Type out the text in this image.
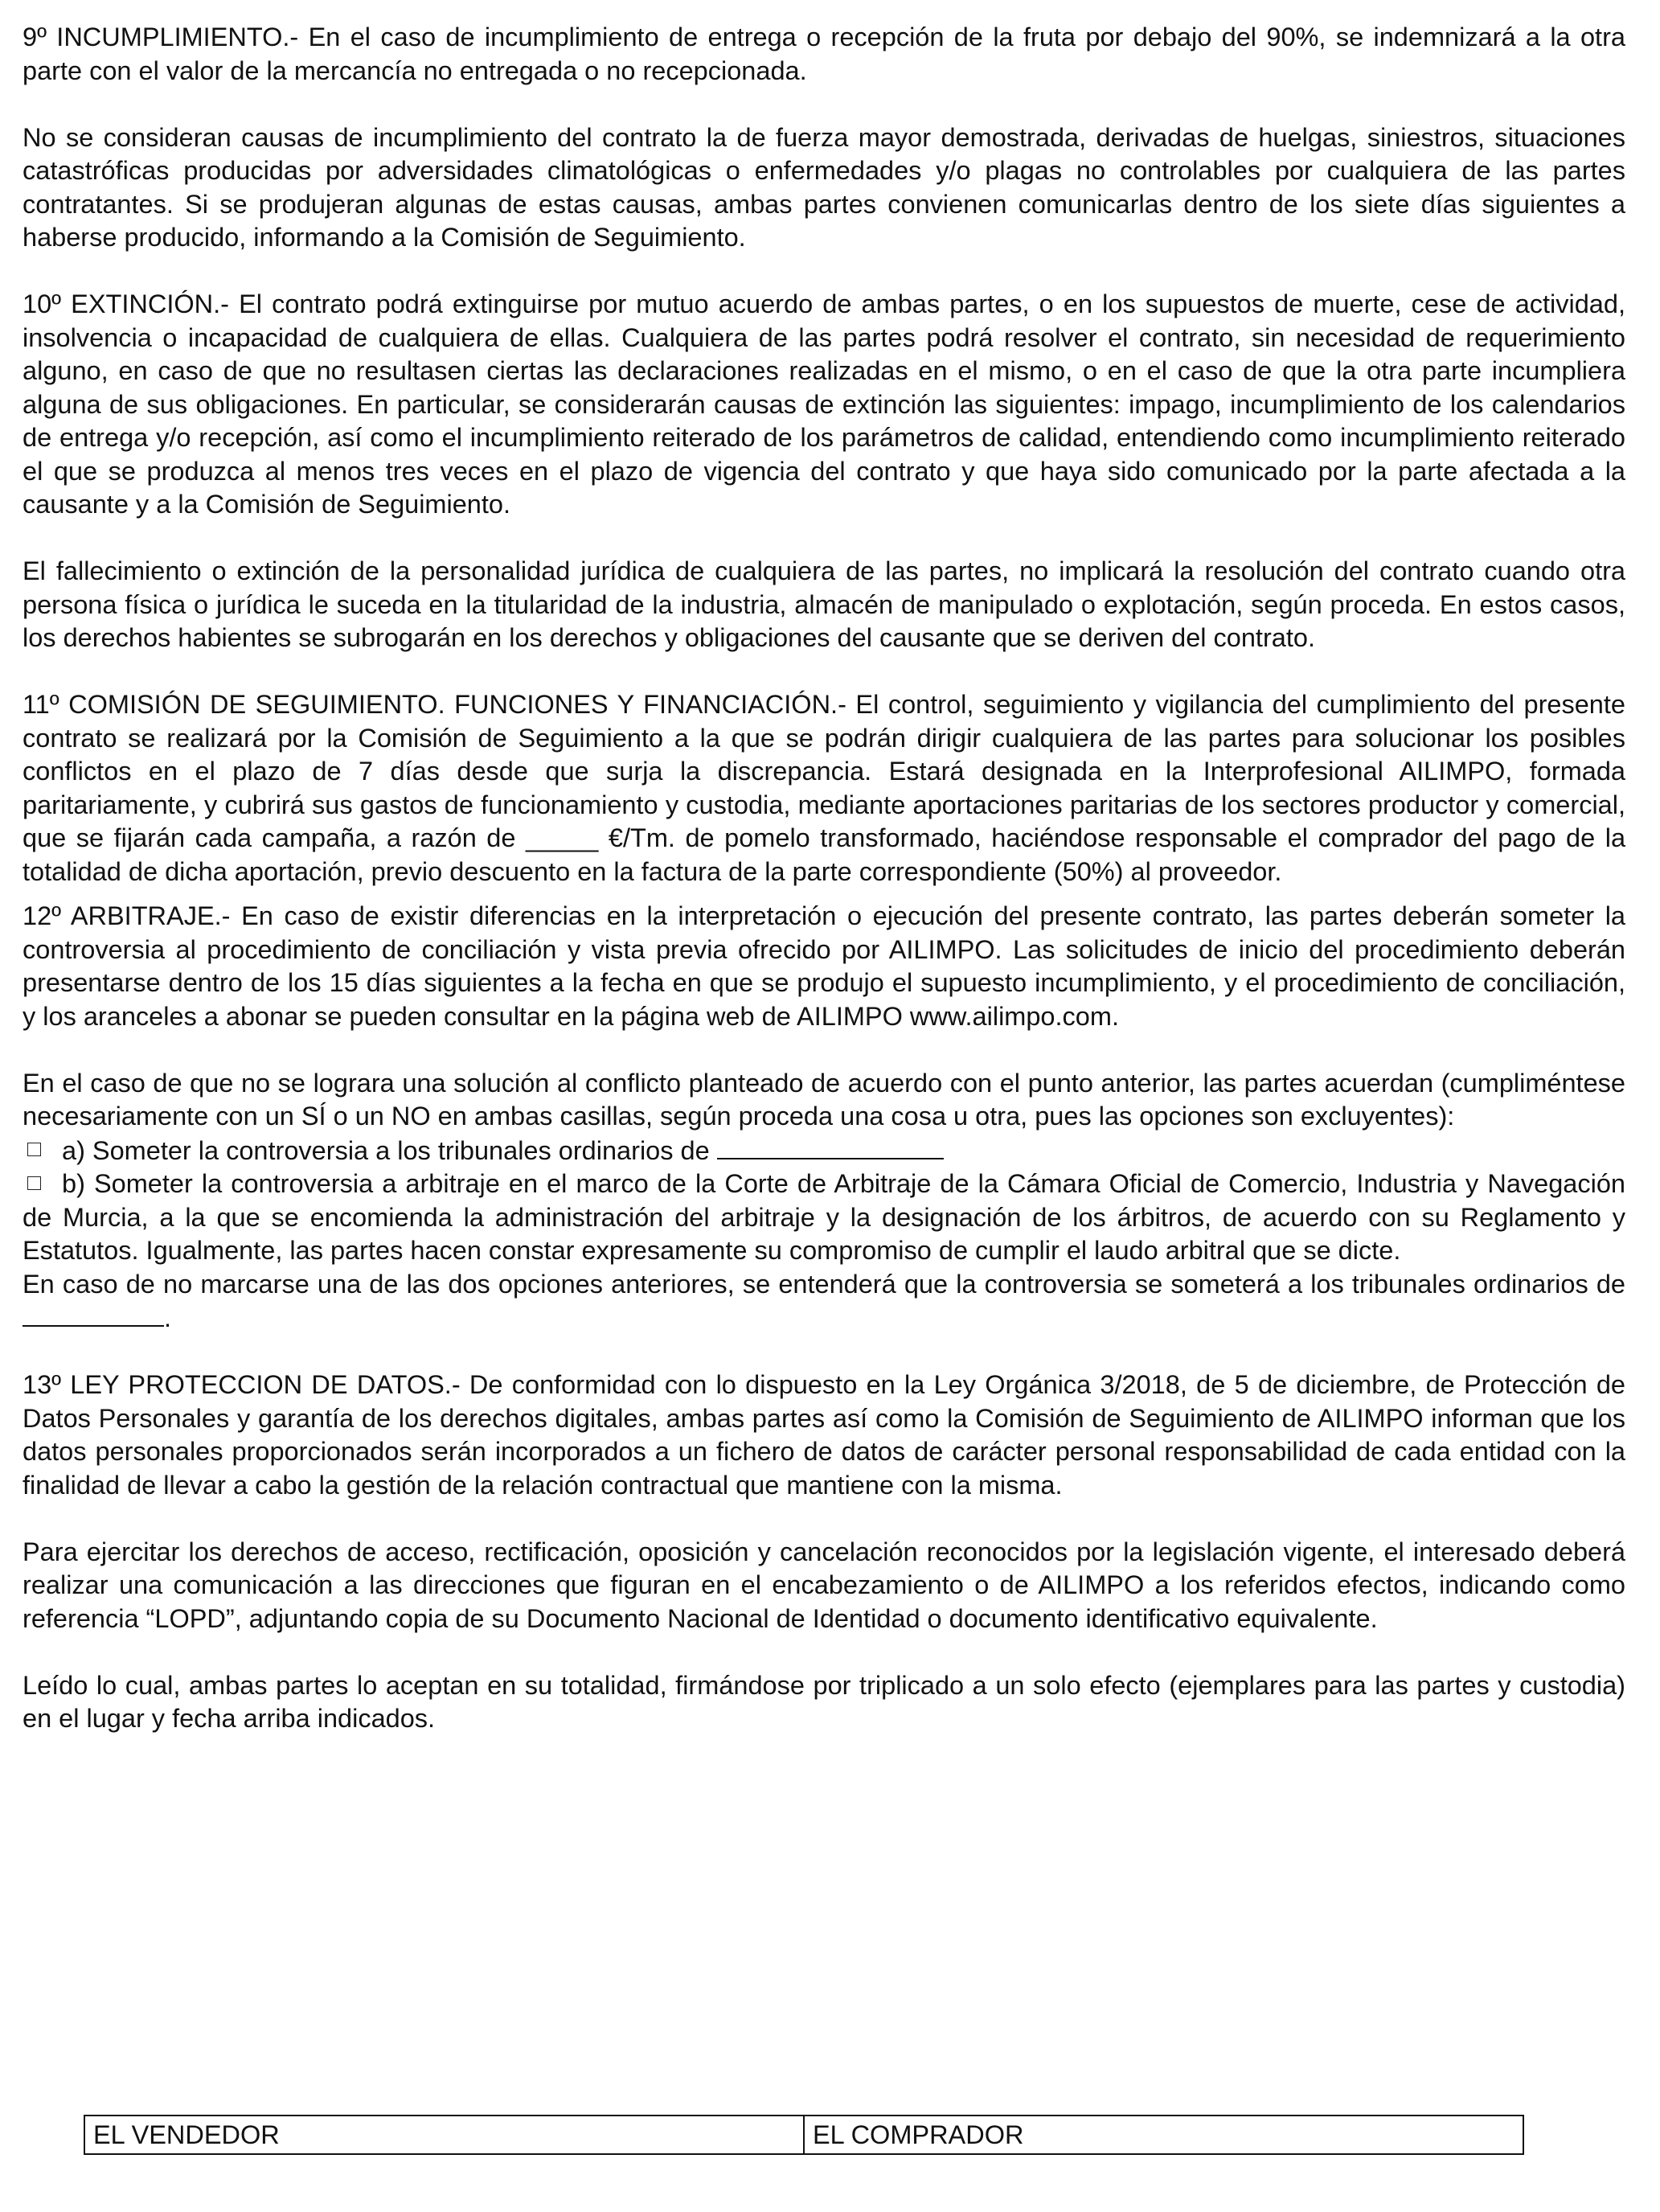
9º INCUMPLIMIENTO.- En el caso de incumplimiento de entrega o recepción de la fruta por debajo del 90%, se indemnizará a la otra parte con el valor de la mercancía no entregada o no recepcionada.

No se consideran causas de incumplimiento del contrato la de fuerza mayor demostrada, derivadas de huelgas, siniestros, situaciones catastróficas producidas por adversidades climatológicas o enfermedades y/o plagas no controlables por cualquiera de las partes contratantes. Si se produjeran algunas de estas causas, ambas partes convienen comunicarlas dentro de los siete días siguientes a haberse producido, informando a la Comisión de Seguimiento.

10º EXTINCIÓN.- El contrato podrá extinguirse por mutuo acuerdo de ambas partes, o en los supuestos de muerte, cese de actividad, insolvencia o incapacidad de cualquiera de ellas. Cualquiera de las partes podrá resolver el contrato, sin necesidad de requerimiento alguno, en caso de que no resultasen ciertas las declaraciones realizadas en el mismo, o en el caso de que la otra parte incumpliera alguna de sus obligaciones. En particular, se considerarán causas de extinción las siguientes: impago, incumplimiento de los calendarios de entrega y/o recepción, así como el incumplimiento reiterado de los parámetros de calidad, entendiendo como incumplimiento reiterado el que se produzca al menos tres veces en el plazo de vigencia del contrato y que haya sido comunicado por la parte afectada a la causante y a la Comisión de Seguimiento.

El fallecimiento o extinción de la personalidad jurídica de cualquiera de las partes, no implicará la resolución del contrato cuando otra persona física o jurídica le suceda en la titularidad de la industria, almacén de manipulado o explotación, según proceda. En estos casos, los derechos habientes se subrogarán en los derechos y obligaciones del causante que se deriven del contrato.

11º COMISIÓN DE SEGUIMIENTO. FUNCIONES Y FINANCIACIÓN.- El control, seguimiento y vigilancia del cumplimiento del presente contrato se realizará por la Comisión de Seguimiento a la que se podrán dirigir cualquiera de las partes para solucionar los posibles conflictos en el plazo de 7 días desde que surja la discrepancia. Estará designada en la Interprofesional AILIMPO, formada paritariamente, y cubrirá sus gastos de funcionamiento y custodia, mediante aportaciones paritarias de los sectores productor y comercial, que se fijarán cada campaña, a razón de _____ €/Tm. de pomelo transformado, haciéndose responsable el comprador del pago de la totalidad de dicha aportación, previo descuento en la factura de la parte correspondiente (50%) al proveedor.

12º ARBITRAJE.- En caso de existir diferencias en la interpretación o ejecución del presente contrato, las partes deberán someter la controversia al procedimiento de conciliación y vista previa ofrecido por AILIMPO. Las solicitudes de inicio del procedimiento deberán presentarse dentro de los 15 días siguientes a la fecha en que se produjo el supuesto incumplimiento, y el procedimiento de conciliación, y los aranceles a abonar se pueden consultar en la página web de AILIMPO www.ailimpo.com.

En el caso de que no se lograra una solución al conflicto planteado de acuerdo con el punto anterior, las partes acuerdan (cumpliméntese necesariamente con un SÍ o un NO en ambas casillas, según proceda una cosa u otra, pues las opciones son excluyentes):

a) Someter la controversia a los tribunales ordinarios de

b) Someter la controversia a arbitraje en el marco de la Corte de Arbitraje de la Cámara Oficial de Comercio, Industria y Navegación de Murcia, a la que se encomienda la administración del arbitraje y la designación de los árbitros, de acuerdo con su Reglamento y Estatutos. Igualmente, las partes hacen constar expresamente su compromiso de cumplir el laudo arbitral que se dicte.

En caso de no marcarse una de las dos opciones anteriores, se entenderá que la controversia se someterá a los tribunales ordinarios de .

13º LEY PROTECCION DE DATOS.- De conformidad con lo dispuesto en la Ley Orgánica 3/2018, de 5 de diciembre, de Protección de Datos Personales y garantía de los derechos digitales, ambas partes así como la Comisión de Seguimiento de AILIMPO informan que los datos personales proporcionados serán incorporados a un fichero de datos de carácter personal responsabilidad de cada entidad con la finalidad de llevar a cabo la gestión de la relación contractual que mantiene con la misma.

Para ejercitar los derechos de acceso, rectificación, oposición y cancelación reconocidos por la legislación vigente, el interesado deberá realizar una comunicación a las direcciones que figuran en el encabezamiento o de AILIMPO a los referidos efectos, indicando como referencia “LOPD”, adjuntando copia de su Documento Nacional de Identidad o documento identificativo equivalente.

Leído lo cual, ambas partes lo aceptan en su totalidad, firmándose por triplicado a un solo efecto (ejemplares para las partes y custodia) en el lugar y fecha arriba indicados.

EL VENDEDOR	EL COMPRADOR
